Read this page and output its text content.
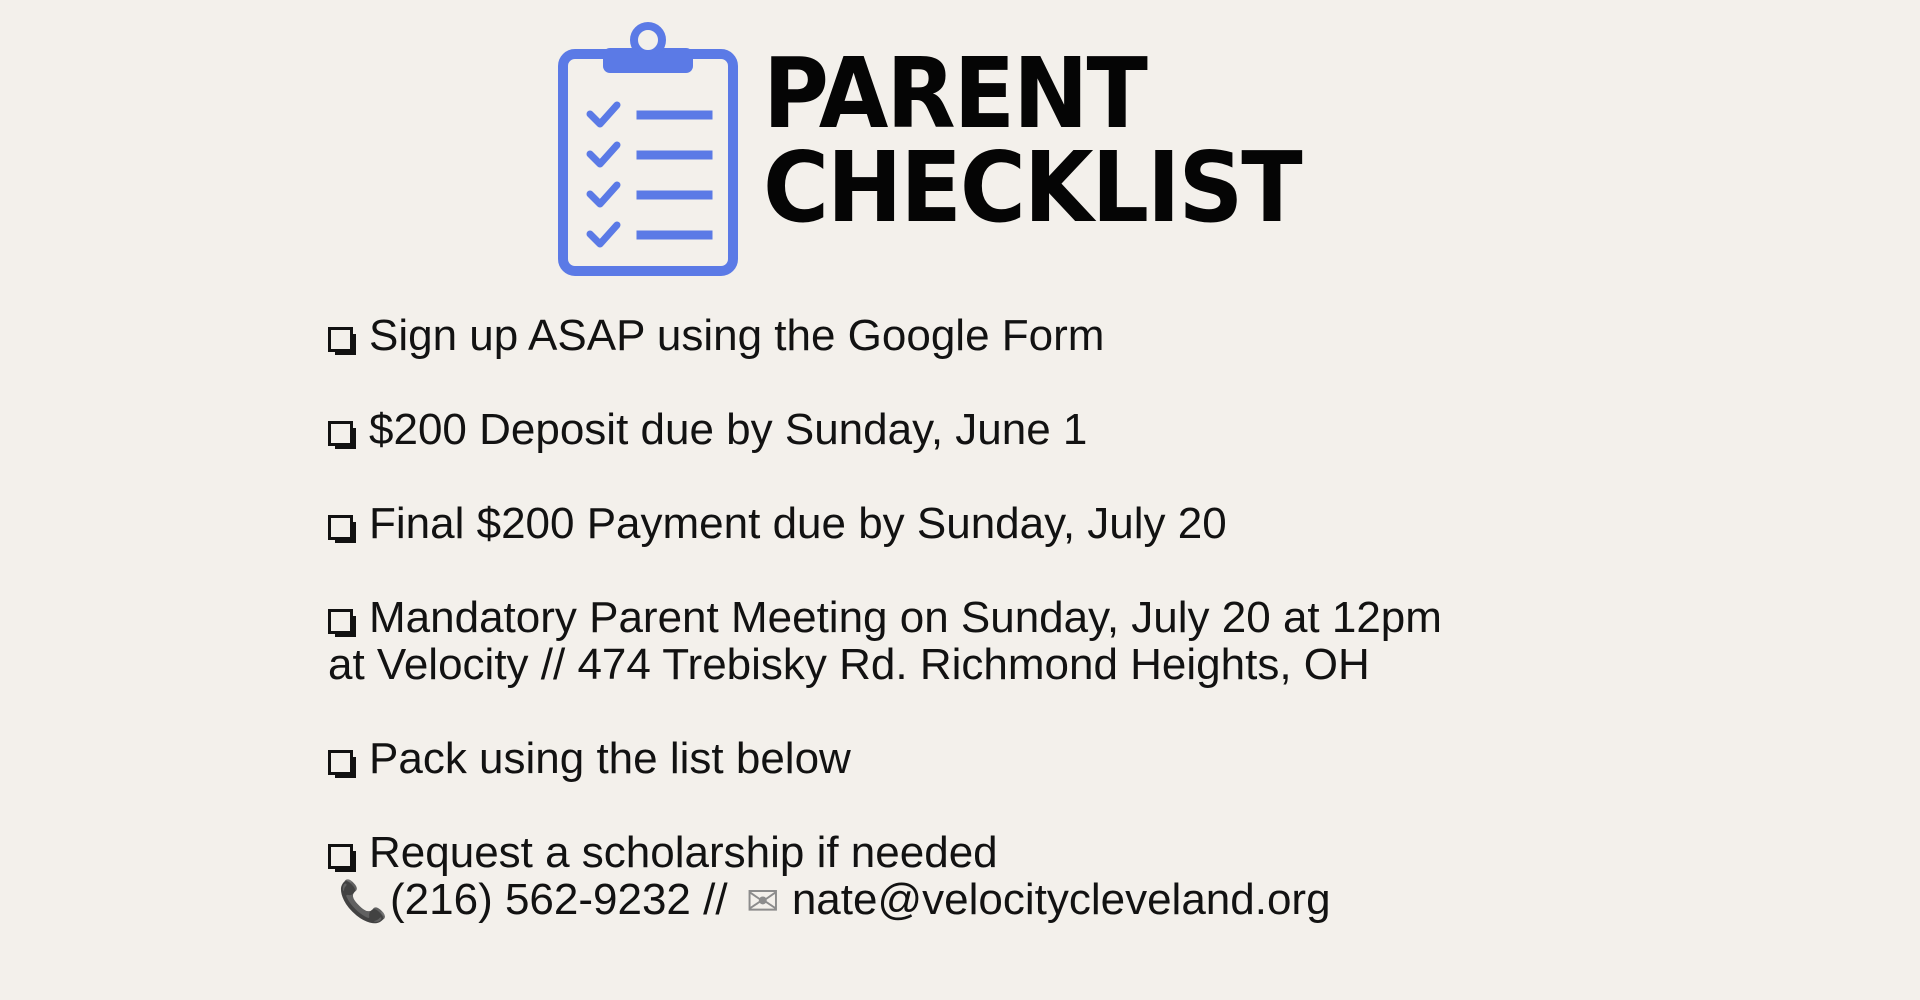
PARENT
CHECKLIST
Sign up ASAP using the Google Form
$200 Deposit due by Sunday, June 1
Final $200 Payment due by Sunday, July 20
Mandatory Parent Meeting on Sunday, July 20 at 12pm
at Velocity // 474 Trebisky Rd. Richmond Heights, OH
Pack using the list below
Request a scholarship if needed
📞(216) 562-9232 // ✉ nate@velocitycleveland.org
